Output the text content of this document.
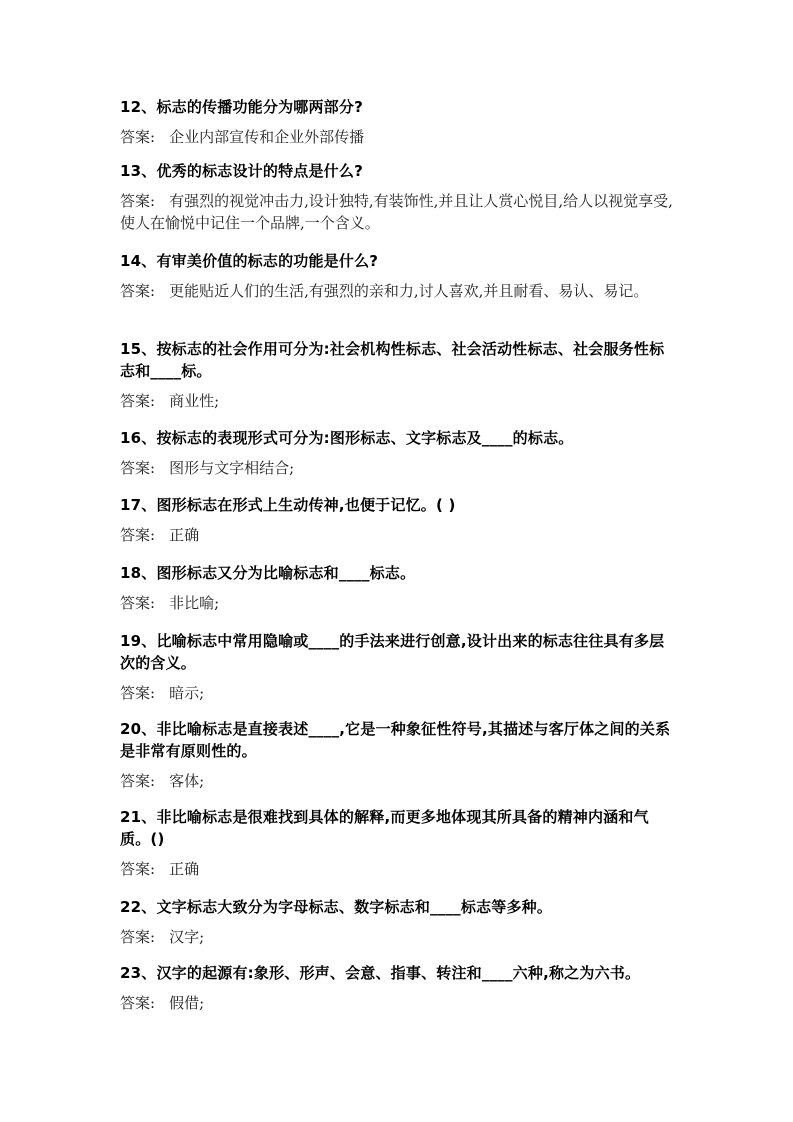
12、标志的传播功能分为哪两部分?

答案: 企业内部宣传和企业外部传播

13、优秀的标志设计的特点是什么?

答案: 有强烈的视觉冲击力,设计独特,有装饰性,并且让人赏心悦目,给人以视觉享受,使人在愉悦中记住一个品牌,一个含义。

14、有审美价值的标志的功能是什么?

答案: 更能贴近人们的生活,有强烈的亲和力,讨人喜欢,并且耐看、易认、易记。

15、按标志的社会作用可分为:社会机构性标志、社会活动性标志、社会服务性标志和____标。

答案: 商业性;

16、按标志的表现形式可分为:图形标志、文字标志及____的标志。

答案: 图形与文字相结合;

17、图形标志在形式上生动传神,也便于记忆。( )

答案: 正确

18、图形标志又分为比喻标志和____标志。

答案: 非比喻;

19、比喻标志中常用隐喻或____的手法来进行创意,设计出来的标志往往具有多层次的含义。

答案: 暗示;

20、非比喻标志是直接表述____,它是一种象征性符号,其描述与客厅体之间的关系是非常有原则性的。

答案: 客体;

21、非比喻标志是很难找到具体的解释,而更多地体现其所具备的精神内涵和气质。()

答案: 正确

22、文字标志大致分为字母标志、数字标志和____标志等多种。

答案: 汉字;

23、汉字的起源有:象形、形声、会意、指事、转注和____六种,称之为六书。

答案: 假借;
